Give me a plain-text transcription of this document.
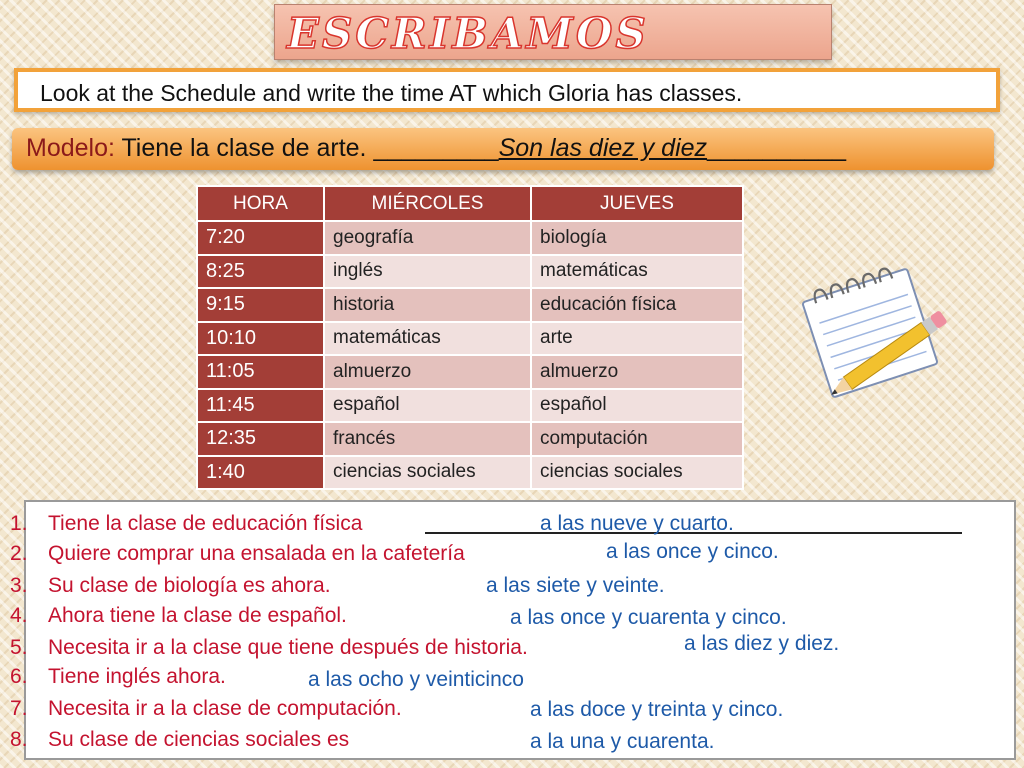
ESCRIBAMOS
Look at the Schedule and write the time AT which Gloria has classes.
Modelo: Tiene la clase de arte. _________Son las diez y diez__________
HORA	MIÉRCOLES	JUEVES
7:20	geografía	biología
8:25	inglés	matemáticas
9:15	historia	educación física
10:10	matemáticas	arte
11:05	almuerzo	almuerzo
11:45	español	español
12:35	francés	computación
1:40	ciencias sociales	ciencias sociales
1. Tiene la clase de educación física
2. Quiere comprar una ensalada en la cafetería
3. Su clase de biología es ahora.
4. Ahora tiene la clase de español.
5. Necesita ir a la clase que tiene después de historia.
6. Tiene inglés ahora.
7. Necesita ir a la clase de computación.
8. Su clase de ciencias sociales es
a las nueve y cuarto.
a las once y cinco.
a las siete y veinte.
a las once y cuarenta y cinco.
a las diez y diez.
a las ocho y veinticinco
a las doce y treinta y cinco.
a la una y cuarenta.
